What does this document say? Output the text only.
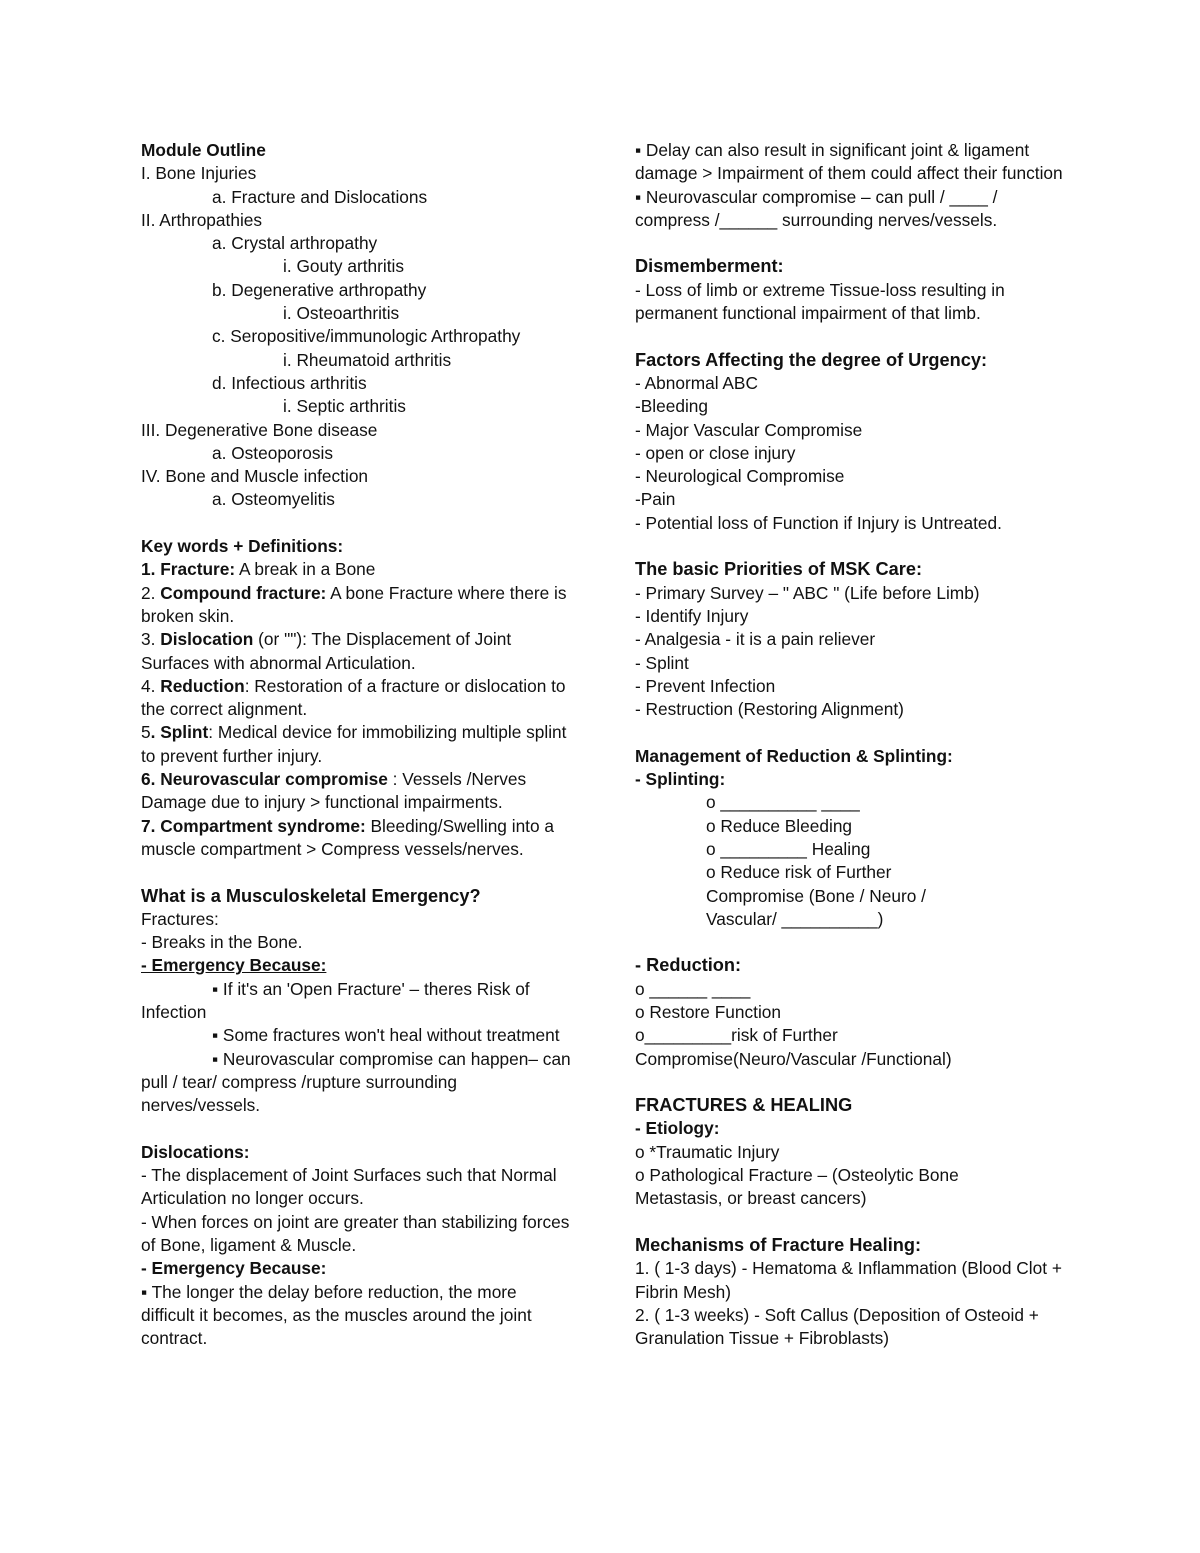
Module Outline

I. Bone Injuries

a. Fracture and Dislocations

II. Arthropathies

a. Crystal arthropathy

i. Gouty arthritis

b. Degenerative arthropathy

i. Osteoarthritis

c. Seropositive/immunologic Arthropathy

i. Rheumatoid arthritis

d. Infectious arthritis

i. Septic arthritis

III. Degenerative Bone disease

a. Osteoporosis

IV. Bone and Muscle infection

a. Osteomyelitis

Key words + Definitions:

1. Fracture: A break in a Bone

2. Compound fracture: A bone Fracture where there is broken skin.

3. Dislocation (or ""): The Displacement of Joint Surfaces with abnormal Articulation.

4. Reduction: Restoration of a fracture or dislocation to the correct alignment.

5. Splint: Medical device for immobilizing multiple splint to prevent further injury.

6. Neurovascular compromise : Vessels /Nerves Damage due to injury > functional impairments.

7. Compartment syndrome: Bleeding/Swelling into a muscle compartment > Compress vessels/nerves.

What is a Musculoskeletal Emergency?

Fractures:

- Breaks in the Bone.

- Emergency Because:

▪ If it's an 'Open Fracture' – theres Risk of Infection

▪ Some fractures won't heal without treatment

▪ Neurovascular compromise can happen– can pull / tear/ compress /rupture surrounding nerves/vessels.

Dislocations:

- The displacement of Joint Surfaces such that Normal Articulation no longer occurs.

- When forces on joint are greater than stabilizing forces of Bone, ligament & Muscle.

- Emergency Because:

▪ The longer the delay before reduction, the more difficult it becomes, as the muscles around the joint contract.

▪ Delay can also result in significant joint & ligament damage > Impairment of them could affect their function

▪ Neurovascular compromise – can pull / ____ / compress /______ surrounding nerves/vessels.

Dismemberment:

- Loss of limb or extreme Tissue-loss resulting in permanent functional impairment of that limb.

Factors Affecting the degree of Urgency:

- Abnormal ABC

-Bleeding

- Major Vascular Compromise

- open or close injury

- Neurological Compromise

-Pain

- Potential loss of Function if Injury is Untreated.

The basic Priorities of MSK Care:

- Primary Survey – " ABC " (Life before Limb)

- Identify Injury

- Analgesia - it is a pain reliever

- Splint

- Prevent Infection

- Restruction (Restoring Alignment)

Management of Reduction & Splinting:

- Splinting:

o __________ ____

o Reduce Bleeding

o _________ Healing

o Reduce risk of Further Compromise (Bone / Neuro / Vascular/ __________)

- Reduction:

o ______ ____

o Restore Function

o_________risk of Further Compromise(Neuro/Vascular /Functional)

FRACTURES & HEALING

- Etiology:

o *Traumatic Injury

o Pathological Fracture – (Osteolytic Bone Metastasis, or breast cancers)

Mechanisms of Fracture Healing:

1. ( 1-3 days) - Hematoma & Inflammation (Blood Clot + Fibrin Mesh)

2. ( 1-3 weeks) - Soft Callus (Deposition of Osteoid + Granulation Tissue + Fibroblasts)
